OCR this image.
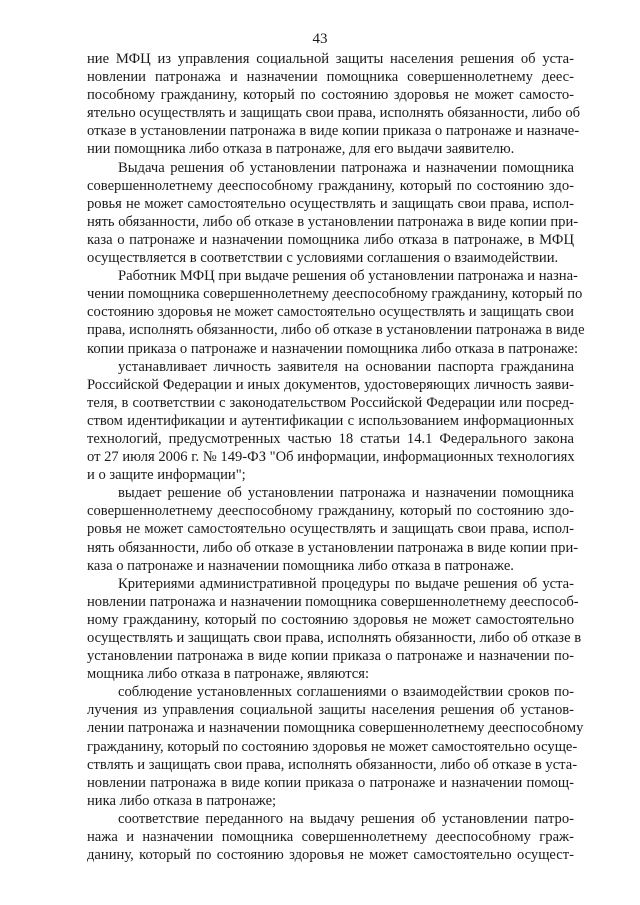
43
ние МФЦ из управления социальной защиты населения решения об уста-
новлении патронажа и назначении помощника совершеннолетнему деес-
пособному гражданину, который по состоянию здоровья не может самосто-
ятельно осуществлять и защищать свои права, исполнять обязанности, либо об
отказе в установлении патронажа в виде копии приказа о патронаже и назначе-
нии помощника либо отказа в патронаже, для его выдачи заявителю.
Выдача решения об установлении патронажа и назначении помощника
совершеннолетнему дееспособному гражданину, который по состоянию здо-
ровья не может самостоятельно осуществлять и защищать свои права, испол-
нять обязанности, либо об отказе в установлении патронажа в виде копии при-
каза о патронаже и назначении помощника либо отказа в патронаже, в МФЦ
осуществляется в соответствии с условиями соглашения о взаимодействии.
Работник МФЦ при выдаче решения об установлении патронажа и назна-
чении помощника совершеннолетнему дееспособному гражданину, который по
состоянию здоровья не может самостоятельно осуществлять и защищать свои
права, исполнять обязанности, либо об отказе в установлении патронажа в виде
копии приказа о патронаже и назначении помощника либо отказа в патронаже:
устанавливает личность заявителя на основании паспорта гражданина
Российской Федерации и иных документов, удостоверяющих личность заяви-
теля, в соответствии с законодательством Российской Федерации или посред-
ством идентификации и аутентификации с использованием информационных
технологий, предусмотренных частью 18 статьи 14.1 Федерального закона
от 27 июля 2006 г. № 149-ФЗ "Об информации, информационных технологиях
и о защите информации";
выдает решение об установлении патронажа и назначении помощника
совершеннолетнему дееспособному гражданину, который по состоянию здо-
ровья не может самостоятельно осуществлять и защищать свои права, испол-
нять обязанности, либо об отказе в установлении патронажа в виде копии при-
каза о патронаже и назначении помощника либо отказа в патронаже.
Критериями административной процедуры по выдаче решения об уста-
новлении патронажа и назначении помощника совершеннолетнему дееспособ-
ному гражданину, который по состоянию здоровья не может самостоятельно
осуществлять и защищать свои права, исполнять обязанности, либо об отказе в
установлении патронажа в виде копии приказа о патронаже и назначении по-
мощника либо отказа в патронаже, являются:
соблюдение установленных соглашениями о взаимодействии сроков по-
лучения из управления социальной защиты населения решения об установ-
лении патронажа и назначении помощника совершеннолетнему дееспособному
гражданину, который по состоянию здоровья не может самостоятельно осуще-
ствлять и защищать свои права, исполнять обязанности, либо об отказе в уста-
новлении патронажа в виде копии приказа о патронаже и назначении помощ-
ника либо отказа в патронаже;
соответствие переданного на выдачу решения об установлении патро-
нажа и назначении помощника совершеннолетнему дееспособному граж-
данину, который по состоянию здоровья не может самостоятельно осущест-
